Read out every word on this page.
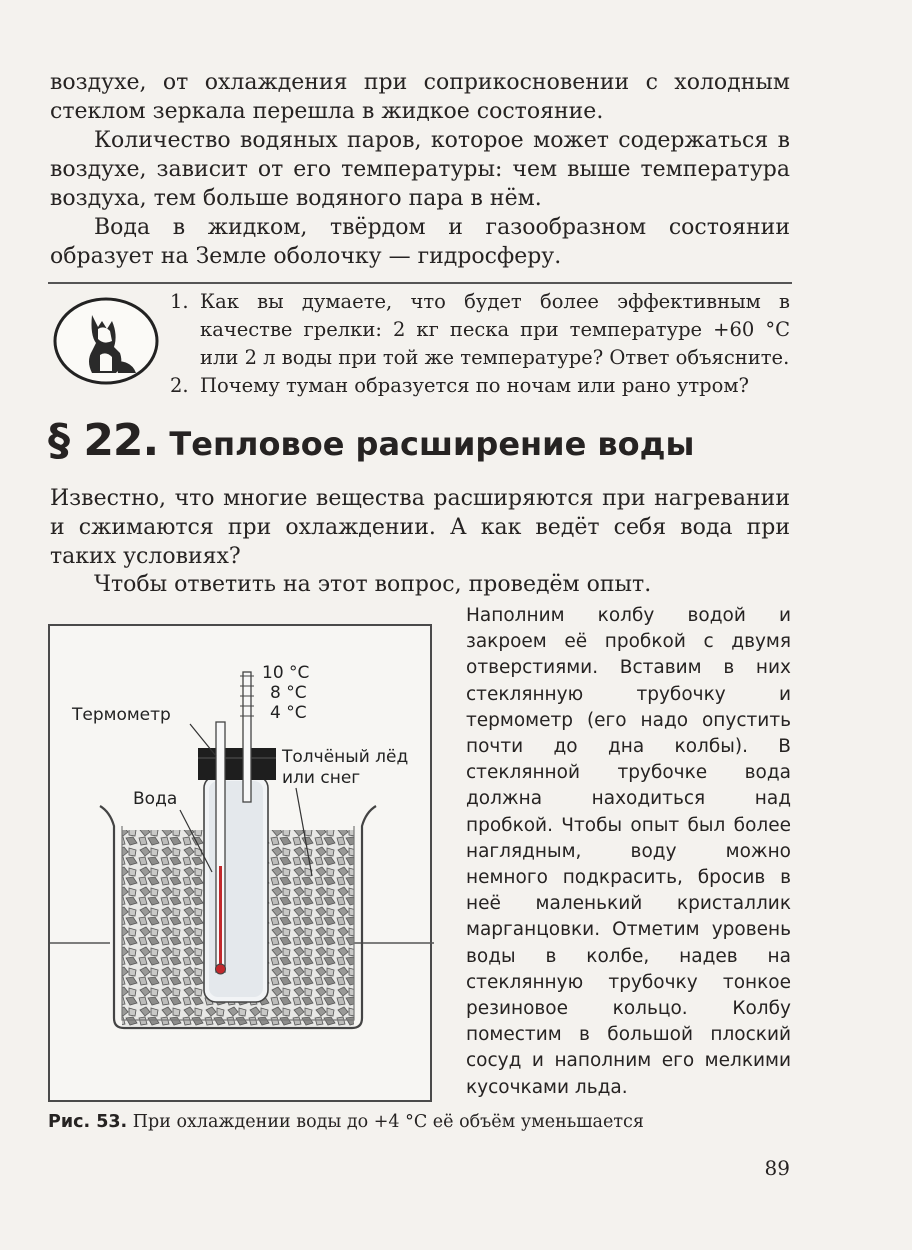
воздухе, от охлаждения при соприкосновении с холодным стеклом зеркала перешла в жидкое состояние.

Количество водяных паров, которое может содержаться в воздухе, зависит от его температуры: чем выше температура воздуха, тем больше водяного пара в нём.

Вода в жидком, твёрдом и газообразном состоянии образует на Земле оболочку — гидросферу.

1. Как вы думаете, что будет более эффективным в качестве грелки: 2 кг песка при температуре +60 °С или 2 л воды при той же температуре? Ответ объясните.
2. Почему туман образуется по ночам или рано утром?
§ 22. Тепловое расширение воды

Известно, что многие вещества расширяются при нагревании и сжимаются при охлаждении. А как ведёт себя вода при таких условиях?

Чтобы ответить на этот вопрос, проведём опыт.

Наполним колбу водой и закроем её пробкой с двумя отверстиями. Вставим в них стеклянную трубочку и термометр (его надо опустить почти до дна колбы). В стеклянной трубочке вода должна находиться над пробкой. Чтобы опыт был более наглядным, воду можно немного подкрасить, бросив в неё маленький кристаллик марганцовки. Отметим уровень воды в колбе, надев на стеклянную трубочку тонкое резиновое кольцо. Колбу поместим в большой плоский сосуд и наполним его мелкими кусочками льда.

10 °С
8 °С
4 °С
Термометр
Вода
Толчёный лёд
или снег

Рис. 53. При охлаждении воды до +4 °С её объём уменьшается

89
